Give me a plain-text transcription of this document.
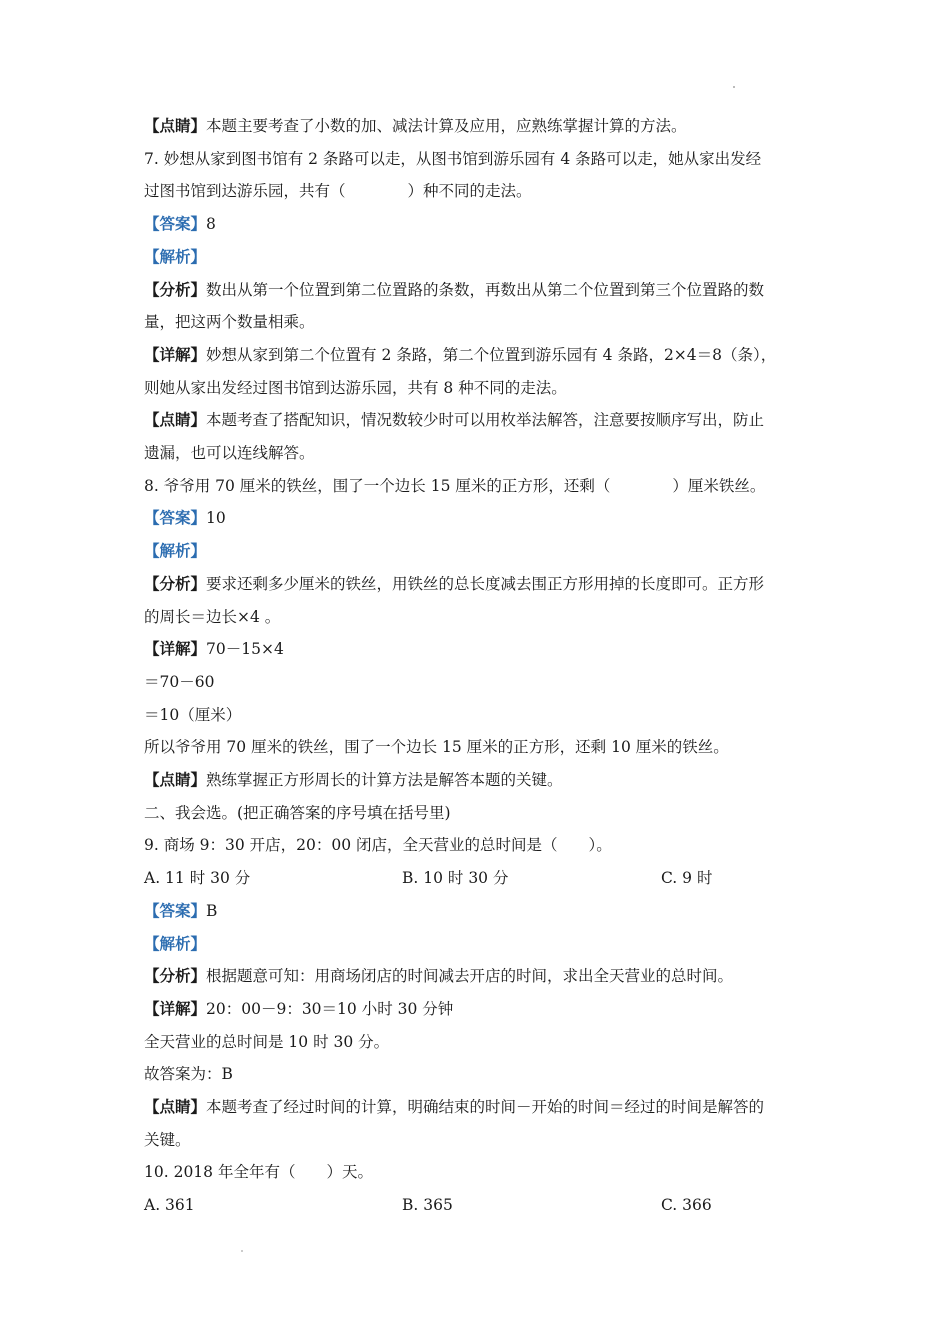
【点睛】本题主要考查了小数的加、减法计算及应用，应熟练掌握计算的方法。
7. 妙想从家到图书馆有 2 条路可以走，从图书馆到游乐园有 4 条路可以走，她从家出发经
过图书馆到达游乐园，共有（　　　　）种不同的走法。
【答案】8
【解析】
【分析】数出从第一个位置到第二位置路的条数，再数出从第二个位置到第三个位置路的数
量，把这两个数量相乘。
【详解】妙想从家到第二个位置有 2 条路，第二个位置到游乐园有 4 条路，2×4＝8（条），
则她从家出发经过图书馆到达游乐园，共有 8 种不同的走法。
【点睛】本题考查了搭配知识，情况数较少时可以用枚举法解答，注意要按顺序写出，防止
遗漏，也可以连线解答。
8. 爷爷用 70 厘米的铁丝，围了一个边长 15 厘米的正方形，还剩（　　　　）厘米铁丝。
【答案】10
【解析】
【分析】要求还剩多少厘米的铁丝，用铁丝的总长度减去围正方形用掉的长度即可。正方形
的周长＝边长×4 。
【详解】70－15×4
＝70－60
＝10（厘米）
所以爷爷用 70 厘米的铁丝，围了一个边长 15 厘米的正方形，还剩 10 厘米的铁丝。
【点睛】熟练掌握正方形周长的计算方法是解答本题的关键。
二、我会选。(把正确答案的序号填在括号里)
9. 商场 9：30 开店，20：00 闭店，全天营业的总时间是（　　）。
A. 11 时 30 分	B. 10 时 30 分	C. 9 时
【答案】B
【解析】
【分析】根据题意可知：用商场闭店的时间减去开店的时间，求出全天营业的总时间。
【详解】20：00－9：30＝10 小时 30 分钟
全天营业的总时间是 10 时 30 分。
故答案为：B
【点睛】本题考查了经过时间的计算，明确结束的时间－开始的时间＝经过的时间是解答的
关键。
10. 2018 年全年有（　　）天。
A. 361	B. 365	C. 366
